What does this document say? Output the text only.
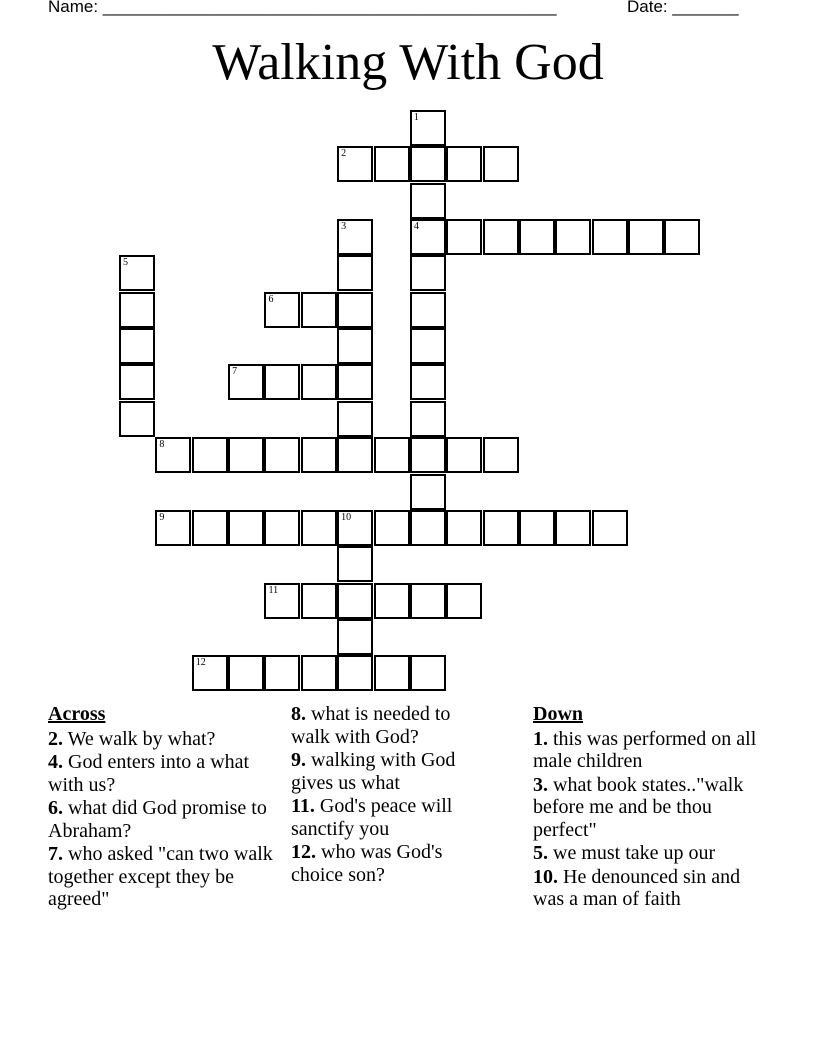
Name: ________________________________________________	Date: _______
Walking With God
2
4
6
7
8
9	10
11
12
1
3
5
Across
2. We walk by what?
4. God enters into a what with us?
6. what did God promise to Abraham?
7. who asked "can two walk together except they be agreed"
8. what is needed to walk with God?
9. walking with God gives us what
11. God's peace will sanctify you
12. who was God's choice son?
Down
1. this was performed on all male children
3. what book states.."walk before me and be thou perfect"
5. we must take up our
10. He denounced sin and was a man of faith
